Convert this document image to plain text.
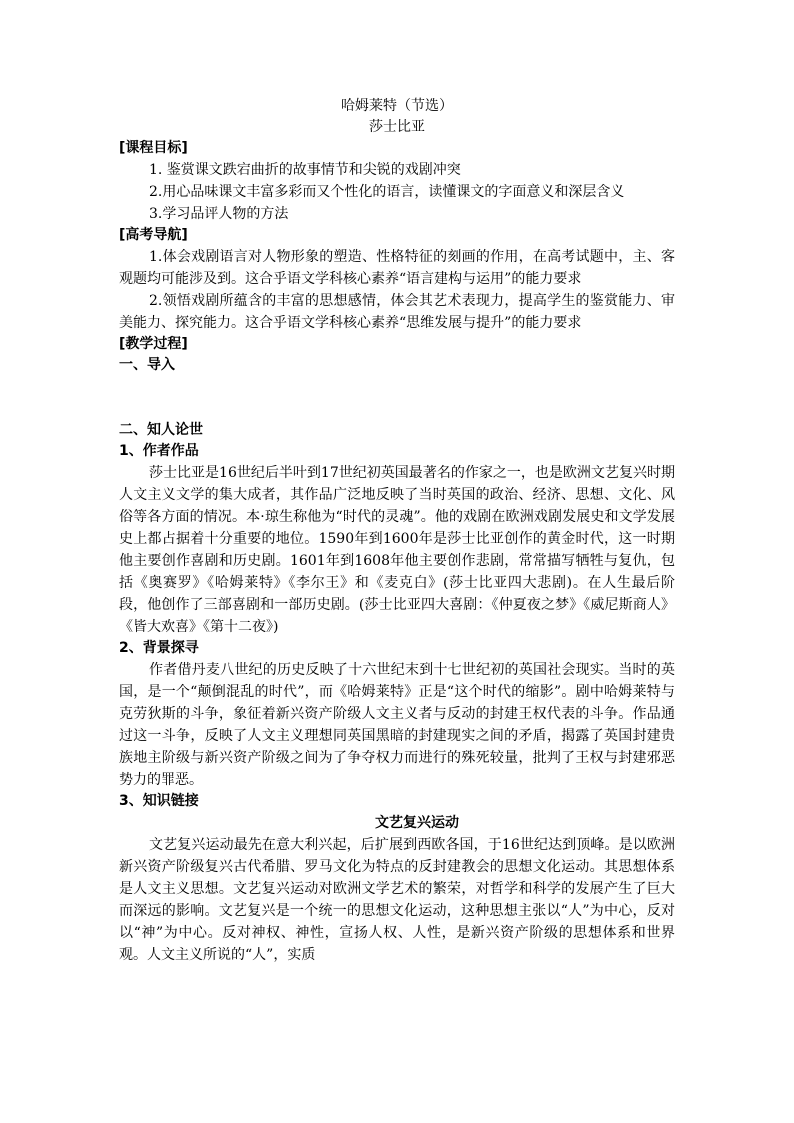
哈姆莱特（节选）
莎士比亚
[课程目标]

1. 鉴赏课文跌宕曲折的故事情节和尖锐的戏剧冲突

2.用心品味课文丰富多彩而又个性化的语言，读懂课文的字面意义和深层含义

3.学习品评人物的方法

[高考导航]

1.体会戏剧语言对人物形象的塑造、性格特征的刻画的作用，在高考试题中，主、客观题均可能涉及到。这合乎语文学科核心素养“语言建构与运用”的能力要求

2.领悟戏剧所蕴含的丰富的思想感情，体会其艺术表现力，提高学生的鉴赏能力、审美能力、探究能力。这合乎语文学科核心素养“思维发展与提升”的能力要求

[教学过程]
一、导入
二、知人论世
1、作者作品

莎士比亚是16世纪后半叶到17世纪初英国最著名的作家之一，也是欧洲文艺复兴时期人文主义文学的集大成者，其作品广泛地反映了当时英国的政治、经济、思想、文化、风俗等各方面的情况。本·琼生称他为“时代的灵魂”。他的戏剧在欧洲戏剧发展史和文学发展史上都占据着十分重要的地位。1590年到1600年是莎士比亚创作的黄金时代，这一时期他主要创作喜剧和历史剧。1601年到1608年他主要创作悲剧，常常描写牺牲与复仇，包括《奥赛罗》《哈姆莱特》《李尔王》和《麦克白》(莎士比亚四大悲剧)。在人生最后阶段，他创作了三部喜剧和一部历史剧。(莎士比亚四大喜剧：《仲夏夜之梦》《威尼斯商人》《皆大欢喜》《第十二夜》)

2、背景探寻

作者借丹麦八世纪的历史反映了十六世纪末到十七世纪初的英国社会现实。当时的英国，是一个“颠倒混乱的时代”，而《哈姆莱特》正是“这个时代的缩影”。剧中哈姆莱特与克劳狄斯的斗争，象征着新兴资产阶级人文主义者与反动的封建王权代表的斗争。作品通过这一斗争，反映了人文主义理想同英国黑暗的封建现实之间的矛盾，揭露了英国封建贵族地主阶级与新兴资产阶级之间为了争夺权力而进行的殊死较量，批判了王权与封建邪恶势力的罪恶。

3、知识链接
文艺复兴运动

文艺复兴运动最先在意大利兴起，后扩展到西欧各国，于16世纪达到顶峰。是以欧洲新兴资产阶级复兴古代希腊、罗马文化为特点的反封建教会的思想文化运动。其思想体系是人文主义思想。文艺复兴运动对欧洲文学艺术的繁荣，对哲学和科学的发展产生了巨大而深远的影响。文艺复兴是一个统一的思想文化运动，这种思想主张以“人”为中心，反对以“神”为中心。反对神权、神性，宣扬人权、人性，是新兴资产阶级的思想体系和世界观。人文主义所说的“人”，实质
